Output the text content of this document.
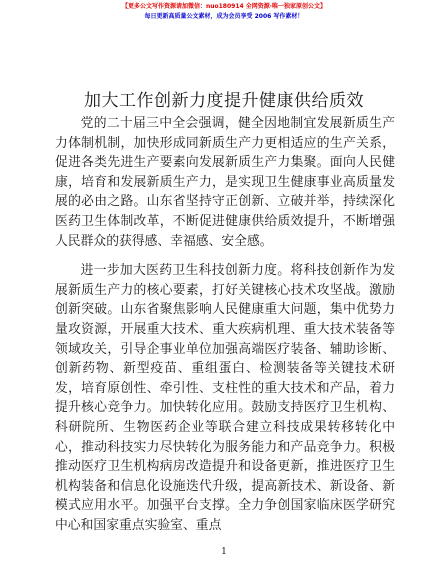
【更多公文写作资源请加微信：nuo180914 全网资源·唯一独家原创公文】
每日更新高质量公文素材，成为会员享受 2006 写作素材！
加大工作创新力度提升健康供给质效

党的二十届三中全会强调，健全因地制宜发展新质生产力体制机制，加快形成同新质生产力更相适应的生产关系，促进各类先进生产要素向发展新质生产力集聚。面向人民健康，培育和发展新质生产力，是实现卫生健康事业高质量发展的必由之路。山东省坚持守正创新、立破并举，持续深化医药卫生体制改革，不断促进健康供给质效提升，不断增强人民群众的获得感、幸福感、安全感。

进一步加大医药卫生科技创新力度。将科技创新作为发展新质生产力的核心要素，打好关键核心技术攻坚战。激励创新突破。山东省聚焦影响人民健康重大问题，集中优势力量攻资源，开展重大技术、重大疾病机理、重大技术装备等领域攻关，引导企事业单位加强高端医疗装备、辅助诊断、创新药物、新型疫苗、重组蛋白、检测装备等关键技术研发，培育原创性、牵引性、支柱性的重大技术和产品，着力提升核心竞争力。加快转化应用。鼓励支持医疗卫生机构、科研院所、生物医药企业等联合建立科技成果转移转化中心，推动科技实力尽快转化为服务能力和产品竞争力。积极推动医疗卫生机构病房改造提升和设备更新，推进医疗卫生机构装备和信息化设施迭代升级，提高新技术、新设备、新模式应用水平。加强平台支撑。全力争创国家临床医学研究中心和国家重点实验室、重点

1
